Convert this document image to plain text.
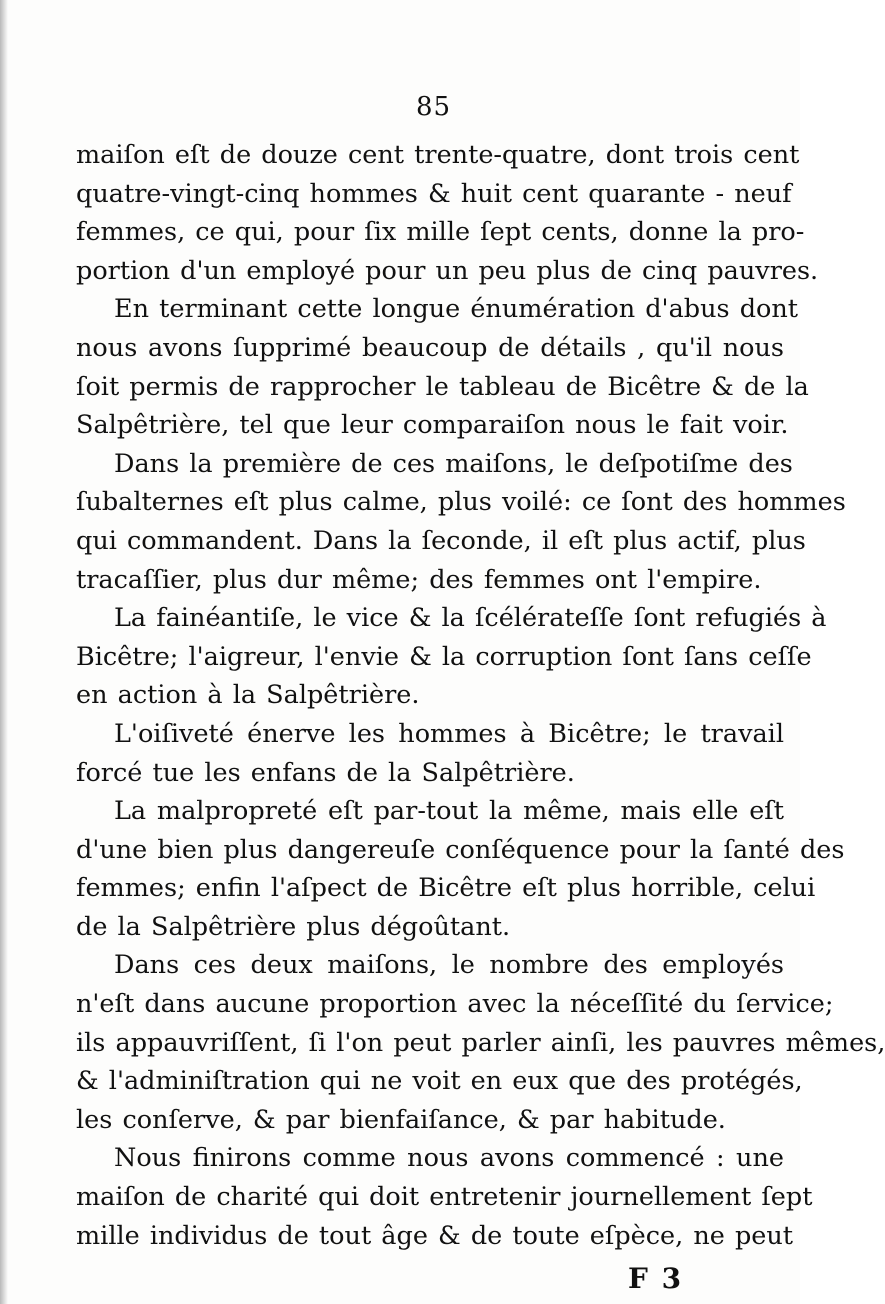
85
maiſon eſt de douze cent trente-quatre, dont trois cent
quatre-vingt-cinq hommes & huit cent quarante - neuf
femmes, ce qui, pour ſix mille ſept cents, donne la pro-
portion d'un employé pour un peu plus de cinq pauvres.
En terminant cette longue énumération d'abus dont
nous avons ſupprimé beaucoup de détails , qu'il nous
ſoit permis de rapprocher le tableau de Bicêtre & de la
Salpêtrière, tel que leur comparaiſon nous le fait voir.
Dans la première de ces maiſons, le deſpotiſme des
ſubalternes eſt plus calme, plus voilé: ce ſont des hommes
qui commandent. Dans la ſeconde, il eſt plus actif, plus
tracaſſier, plus dur même; des femmes ont l'empire.
La fainéantiſe, le vice & la ſcélérateſſe ſont refugiés à
Bicêtre; l'aigreur, l'envie & la corruption ſont ſans ceſſe
en action à la Salpêtrière.
L'oiſiveté énerve les hommes à Bicêtre; le travail
forcé tue les enfans de la Salpêtrière.
La malpropreté eſt par-tout la même, mais elle eſt
d'une bien plus dangereuſe conſéquence pour la ſanté des
femmes; enfin l'aſpect de Bicêtre eſt plus horrible, celui
de la Salpêtrière plus dégoûtant.
Dans ces deux maiſons, le nombre des employés
n'eſt dans aucune proportion avec la néceſſité du ſervice;
ils appauvriſſent, ſi l'on peut parler ainſi, les pauvres mêmes,
& l'adminiſtration qui ne voit en eux que des protégés,
les conſerve, & par bienfaiſance, & par habitude.
Nous finirons comme nous avons commencé : une
maiſon de charité qui doit entretenir journellement ſept
mille individus de tout âge & de toute eſpèce, ne peut
F 3
